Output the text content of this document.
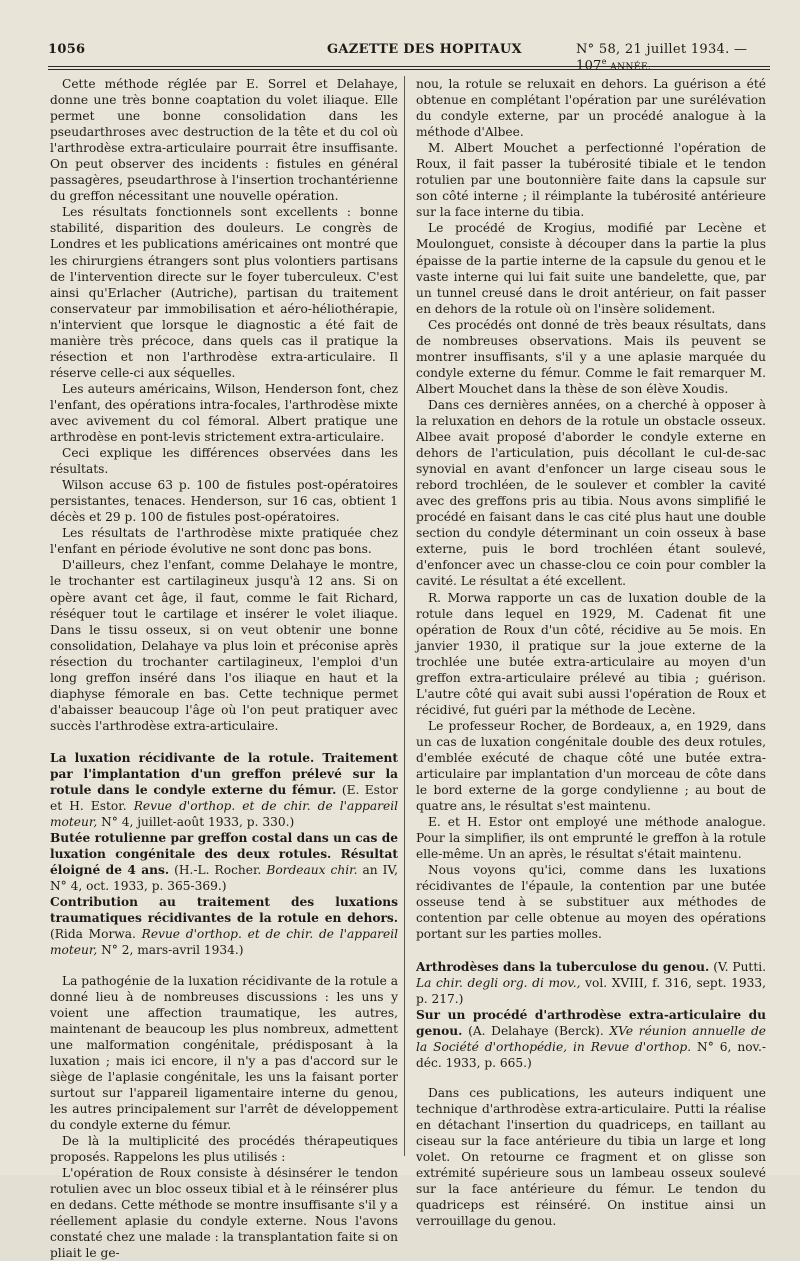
1056	GAZETTE DES HOPITAUX	N° 58, 21 juillet 1934. — 107e ANNÉE.

Cette méthode réglée par E. Sorrel et Delahaye, donne une très bonne coaptation du volet iliaque. Elle permet une bonne consolidation dans les pseudarthroses avec destruction de la tête et du col où l'arthrodèse extra-articulaire pourrait être insuffisante. On peut observer des incidents : fistules en général passagères, pseudarthrose à l'insertion trochantérienne du greffon nécessitant une nouvelle opération.

Les résultats fonctionnels sont excellents : bonne stabilité, disparition des douleurs. Le congrès de Londres et les publications américaines ont montré que les chirurgiens étrangers sont plus volontiers partisans de l'intervention directe sur le foyer tuberculeux. C'est ainsi qu'Erlacher (Autriche), partisan du traitement conservateur par immobilisation et aéro-héliothérapie, n'intervient que lorsque le diagnostic a été fait de manière très précoce, dans quels cas il pratique la résection et non l'arthrodèse extra-articulaire. Il réserve celle-ci aux séquelles.

Les auteurs américains, Wilson, Henderson font, chez l'enfant, des opérations intra-focales, l'arthrodèse mixte avec avivement du col fémoral. Albert pratique une arthrodèse en pont-levis strictement extra-articulaire.

Ceci explique les différences observées dans les résultats.

Wilson accuse 63 p. 100 de fistules post-opératoires persistantes, tenaces. Henderson, sur 16 cas, obtient 1 décès et 29 p. 100 de fistules post-opératoires.

Les résultats de l'arthrodèse mixte pratiquée chez l'enfant en période évolutive ne sont donc pas bons.

D'ailleurs, chez l'enfant, comme Delahaye le montre, le trochanter est cartilagineux jusqu'à 12 ans. Si on opère avant cet âge, il faut, comme le fait Richard, réséquer tout le cartilage et insérer le volet iliaque. Dans le tissu osseux, si on veut obtenir une bonne consolidation, Delahaye va plus loin et préconise après résection du trochanter cartilagineux, l'emploi d'un long greffon inséré dans l'os iliaque en haut et la diaphyse fémorale en bas. Cette technique permet d'abaisser beaucoup l'âge où l'on peut pratiquer avec succès l'arthrodèse extra-articulaire.

La luxation récidivante de la rotule. Traitement par l'implantation d'un greffon prélevé sur la rotule dans le condyle externe du fémur. (E. Estor et H. Estor. Revue d'orthop. et de chir. de l'appareil moteur, N° 4, juillet-août 1933, p. 330.)

Butée rotulienne par greffon costal dans un cas de luxation congénitale des deux rotules. Résultat éloigné de 4 ans. (H.-L. Rocher. Bordeaux chir. an IV, N° 4, oct. 1933, p. 365-369.)

Contribution au traitement des luxations traumatiques récidivantes de la rotule en dehors. (Rida Morwa. Revue d'orthop. et de chir. de l'appareil moteur, N° 2, mars-avril 1934.)

La pathogénie de la luxation récidivante de la rotule a donné lieu à de nombreuses discussions : les uns y voient une affection traumatique, les autres, maintenant de beaucoup les plus nombreux, admettent une malformation congénitale, prédisposant à la luxation ; mais ici encore, il n'y a pas d'accord sur le siège de l'aplasie congénitale, les uns la faisant porter surtout sur l'appareil ligamentaire interne du genou, les autres principalement sur l'arrêt de développement du condyle externe du fémur.

De là la multiplicité des procédés thérapeutiques proposés. Rappelons les plus utilisés :

L'opération de Roux consiste à désinsérer le tendon rotulien avec un bloc osseux tibial et à le réinsérer plus en dedans. Cette méthode se montre insuffisante s'il y a réellement aplasie du condyle externe. Nous l'avons constaté chez une malade : la transplantation faite si on pliait le ge-

nou, la rotule se reluxait en dehors. La guérison a été obtenue en complétant l'opération par une surélévation du condyle externe, par un procédé analogue à la méthode d'Albee.

M. Albert Mouchet a perfectionné l'opération de Roux, il fait passer la tubérosité tibiale et le tendon rotulien par une boutonnière faite dans la capsule sur son côté interne ; il réimplante la tubérosité antérieure sur la face interne du tibia.

Le procédé de Krogius, modifié par Lecène et Moulonguet, consiste à découper dans la partie la plus épaisse de la partie interne de la capsule du genou et le vaste interne qui lui fait suite une bandelette, que, par un tunnel creusé dans le droit antérieur, on fait passer en dehors de la rotule où on l'insère solidement.

Ces procédés ont donné de très beaux résultats, dans de nombreuses observations. Mais ils peuvent se montrer insuffisants, s'il y a une aplasie marquée du condyle externe du fémur. Comme le fait remarquer M. Albert Mouchet dans la thèse de son élève Xoudis.

Dans ces dernières années, on a cherché à opposer à la reluxation en dehors de la rotule un obstacle osseux. Albee avait proposé d'aborder le condyle externe en dehors de l'articulation, puis décollant le cul-de-sac synovial en avant d'enfoncer un large ciseau sous le rebord trochléen, de le soulever et combler la cavité avec des greffons pris au tibia. Nous avons simplifié le procédé en faisant dans le cas cité plus haut une double section du condyle déterminant un coin osseux à base externe, puis le bord trochléen étant soulevé, d'enfoncer avec un chasse-clou ce coin pour combler la cavité. Le résultat a été excellent.

R. Morwa rapporte un cas de luxation double de la rotule dans lequel en 1929, M. Cadenat fit une opération de Roux d'un côté, récidive au 5e mois. En janvier 1930, il pratique sur la joue externe de la trochlée une butée extra-articulaire au moyen d'un greffon extra-articulaire prélevé au tibia ; guérison. L'autre côté qui avait subi aussi l'opération de Roux et récidivé, fut guéri par la méthode de Lecène.

Le professeur Rocher, de Bordeaux, a, en 1929, dans un cas de luxation congénitale double des deux rotules, d'emblée exécuté de chaque côté une butée extra-articulaire par implantation d'un morceau de côte dans le bord externe de la gorge condylienne ; au bout de quatre ans, le résultat s'est maintenu.

E. et H. Estor ont employé une méthode analogue. Pour la simplifier, ils ont emprunté le greffon à la rotule elle-même. Un an après, le résultat s'était maintenu.

Nous voyons qu'ici, comme dans les luxations récidivantes de l'épaule, la contention par une butée osseuse tend à se substituer aux méthodes de contention par celle obtenue au moyen des opérations portant sur les parties molles.

Arthrodèses dans la tuberculose du genou. (V. Putti. La chir. degli org. di mov., vol. XVIII, f. 316, sept. 1933, p. 217.)

Sur un procédé d'arthrodèse extra-articulaire du genou. (A. Delahaye (Berck). XVe réunion annuelle de la Société d'orthopédie, in Revue d'orthop. N° 6, nov.-déc. 1933, p. 665.)

Dans ces publications, les auteurs indiquent une technique d'arthrodèse extra-articulaire. Putti la réalise en détachant l'insertion du quadriceps, en taillant au ciseau sur la face antérieure du tibia un large et long volet. On retourne ce fragment et on glisse son extrémité supérieure sous un lambeau osseux soulevé sur la face antérieure du fémur. Le tendon du quadriceps est réinséré. On institue ainsi un verrouillage du genou.
